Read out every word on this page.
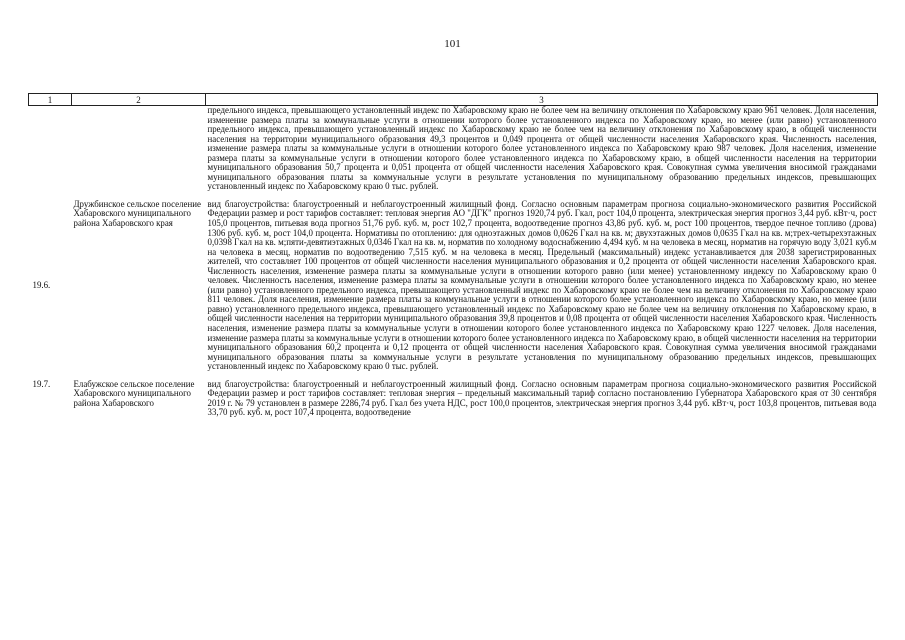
101
1	2	3
		предельного индекса, превышающего установленный индекс по Хабаровскому краю не более чем на величину отклонения по Хабаровскому краю 961 человек. Доля населения, изменение размера платы за коммунальные услуги в отношении которого более установленного индекса по Хабаровскому краю, но менее (или равно) установленного предельного индекса, превышающего установленный индекс по Хабаровскому краю не более чем на величину отклонения по Хабаровскому краю, в общей численности населения на территории муниципального образования 49,3 процентов и 0,049 процента от общей численности населения Хабаровского края. Численность населения, изменение размера платы за коммунальные услуги в отношении которого более установленного индекса по Хабаровскому краю 987 человек. Доля населения, изменение размера платы за коммунальные услуги в отношении которого более установленного индекса по Хабаровскому краю, в общей численности населения на территории муниципального образования 50,7 процента и 0,051 процента от общей численности населения Хабаровского края. Совокупная сумма увеличения вносимой гражданами муниципального образования платы за коммунальные услуги в результате установления по муниципальному образованию предельных индексов, превышающих установленный индекс по Хабаровскому краю 0 тыс. рублей.

19.6.	Дружбинское сельское поселение Хабаровского муниципального района Хабаровского края	вид благоустройства: благоустроенный и неблагоустроенный жилищный фонд. Согласно основным параметрам прогноза социально-экономического развития Российской Федерации размер и рост тарифов составляет: тепловая энергия АО "ДГК" прогноз 1920,74 руб. Гкал, рост 104,0 процента, электрическая энергия прогноз 3,44 руб. кВт·ч, рост 105,0 процентов, питьевая вода прогноз 51,76 руб. куб. м, рост 102,7 процента, водоотведение прогноз 43,86 руб. куб. м, рост 100 процентов, твердое печное топливо (дрова) 1306 руб. куб. м, рост 104,0 процента. Нормативы по отоплению: для одноэтажных домов 0,0626 Гкал на кв. м; двухэтажных домов 0,0635 Гкал на кв. м;трех-четырехэтажных 0,0398 Гкал на кв. м;пяти-девятиэтажных 0,0346 Гкал на кв. м, норматив по холодному водоснабжению 4,494 куб. м на человека в месяц, норматив на горячую воду 3,021 куб.м на человека в месяц, норматив по водоотведению 7,515 куб. м на человека в месяц. Предельный (максимальный) индекс устанавливается для 2038 зарегистрированных жителей, что составляет 100 процентов от общей численности населения муниципального образования и 0,2 процента от общей численности населения Хабаровского края. Численность населения, изменение размера платы за коммунальные услуги в отношении которого равно (или менее) установленному индексу по Хабаровскому краю 0 человек. Численность населения, изменение размера платы за коммунальные услуги в отношении которого более установленного индекса по Хабаровскому краю, но менее (или равно) установленного предельного индекса, превышающего установленный индекс по Хабаровскому краю не более чем на величину отклонения по Хабаровскому краю 811 человек. Доля населения, изменение размера платы за коммунальные услуги в отношении которого более установленного индекса по Хабаровскому краю, но менее (или равно) установленного предельного индекса, превышающего установленный индекс по Хабаровскому краю не более чем на величину отклонения по Хабаровскому краю, в общей численности населения на территории муниципального образования 39,8 процентов и 0,08 процента от общей численности населения Хабаровского края. Численность населения, изменение размера платы за коммунальные услуги в отношении которого более установленного индекса по Хабаровскому краю 1227 человек. Доля населения, изменение размера платы за коммунальные услуги в отношении которого более установленного индекса по Хабаровскому краю, в общей численности населения на территории муниципального образования 60,2 процента и 0,12 процента от общей численности населения Хабаровского края. Совокупная сумма увеличения вносимой гражданами муниципального образования платы за коммунальные услуги в результате установления по муниципальному образованию предельных индексов, превышающих установленный индекс по Хабаровскому краю 0 тыс. рублей.

19.7.	Елабужское сельское поселение Хабаровского муниципального района Хабаровского	вид благоустройства: благоустроенный и неблагоустроенный жилищный фонд. Согласно основным параметрам прогноза социально-экономического развития Российской Федерации размер и рост тарифов составляет: тепловая энергия – предельный максимальный тариф согласно постановлению Губернатора Хабаровского края от 30 сентября 2019 г. № 79 установлен в размере 2286,74 руб. Гкал без учета НДС, рост 100,0 процентов, электрическая энергия прогноз 3,44 руб. кВт·ч, рост 103,8 процентов, питьевая вода 33,70 руб. куб. м, рост 107,4 процента, водоотведение
